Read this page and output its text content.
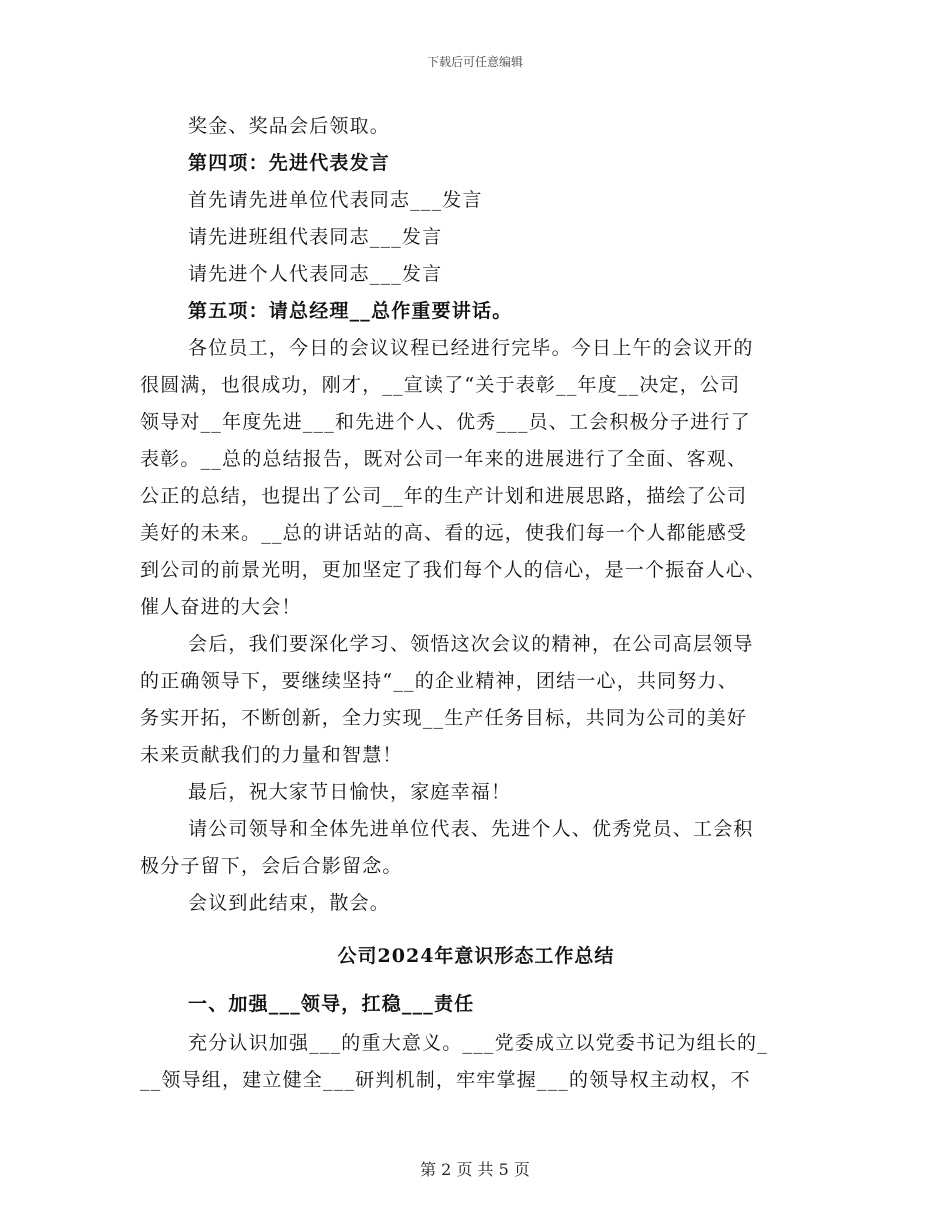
下载后可任意编辑
奖金、奖品会后领取。
第四项：先进代表发言
首先请先进单位代表同志___发言
请先进班组代表同志___发言
请先进个人代表同志___发言
第五项：请总经理__总作重要讲话。
各位员工，今日的会议议程已经进行完毕。今日上午的会议开的
很圆满，也很成功，刚才，__宣读了“关于表彰__年度__决定，公司
领导对__年度先进___和先进个人、优秀___员、工会积极分子进行了
表彰。__总的总结报告，既对公司一年来的进展进行了全面、客观、
公正的总结，也提出了公司__年的生产计划和进展思路，描绘了公司
美好的未来。__总的讲话站的高、看的远，使我们每一个人都能感受
到公司的前景光明，更加坚定了我们每个人的信心，是一个振奋人心、
催人奋进的大会！
会后，我们要深化学习、领悟这次会议的精神，在公司高层领导
的正确领导下，要继续坚持“__的企业精神，团结一心，共同努力、
务实开拓，不断创新，全力实现__生产任务目标，共同为公司的美好
未来贡献我们的力量和智慧！
最后，祝大家节日愉快，家庭幸福！
请公司领导和全体先进单位代表、先进个人、优秀党员、工会积
极分子留下，会后合影留念。
会议到此结束，散会。
公司2024年意识形态工作总结
一、加强___领导，扛稳___责任
充分认识加强___的重大意义。___党委成立以党委书记为组长的_
__领导组，建立健全___研判机制，牢牢掌握___的领导权主动权，不
第 2 页 共 5 页
